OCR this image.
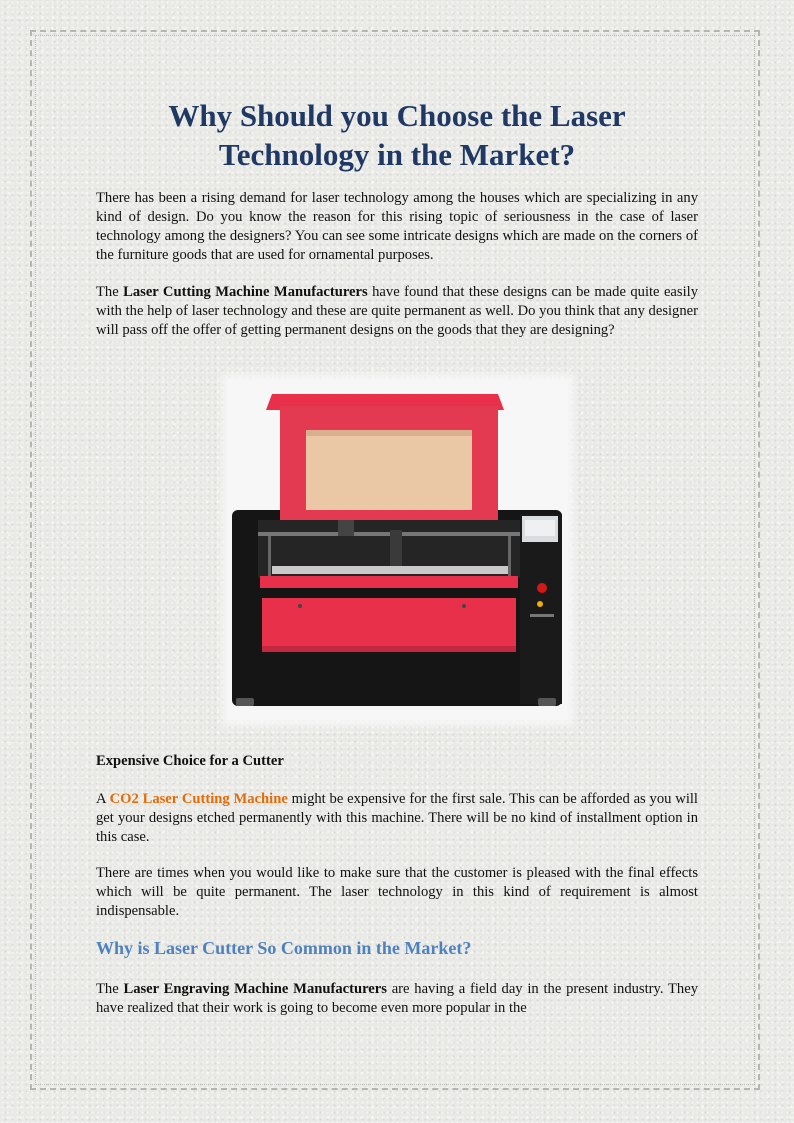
Why Should you Choose the Laser Technology in the Market?

There has been a rising demand for laser technology among the houses which are specializing in any kind of design. Do you know the reason for this rising topic of seriousness in the case of laser technology among the designers? You can see some intricate designs which are made on the corners of the furniture goods that are used for ornamental purposes.

The Laser Cutting Machine Manufacturers have found that these designs can be made quite easily with the help of laser technology and these are quite permanent as well. Do you think that any designer will pass off the offer of getting permanent designs on the goods that they are designing?

Expensive Choice for a Cutter

A CO2 Laser Cutting Machine might be expensive for the first sale. This can be afforded as you will get your designs etched permanently with this machine. There will be no kind of installment option in this case.

There are times when you would like to make sure that the customer is pleased with the final effects which will be quite permanent. The laser technology in this kind of requirement is almost indispensable.

Why is Laser Cutter So Common in the Market?

The Laser Engraving Machine Manufacturers are having a field day in the present industry. They have realized that their work is going to become even more popular in the
